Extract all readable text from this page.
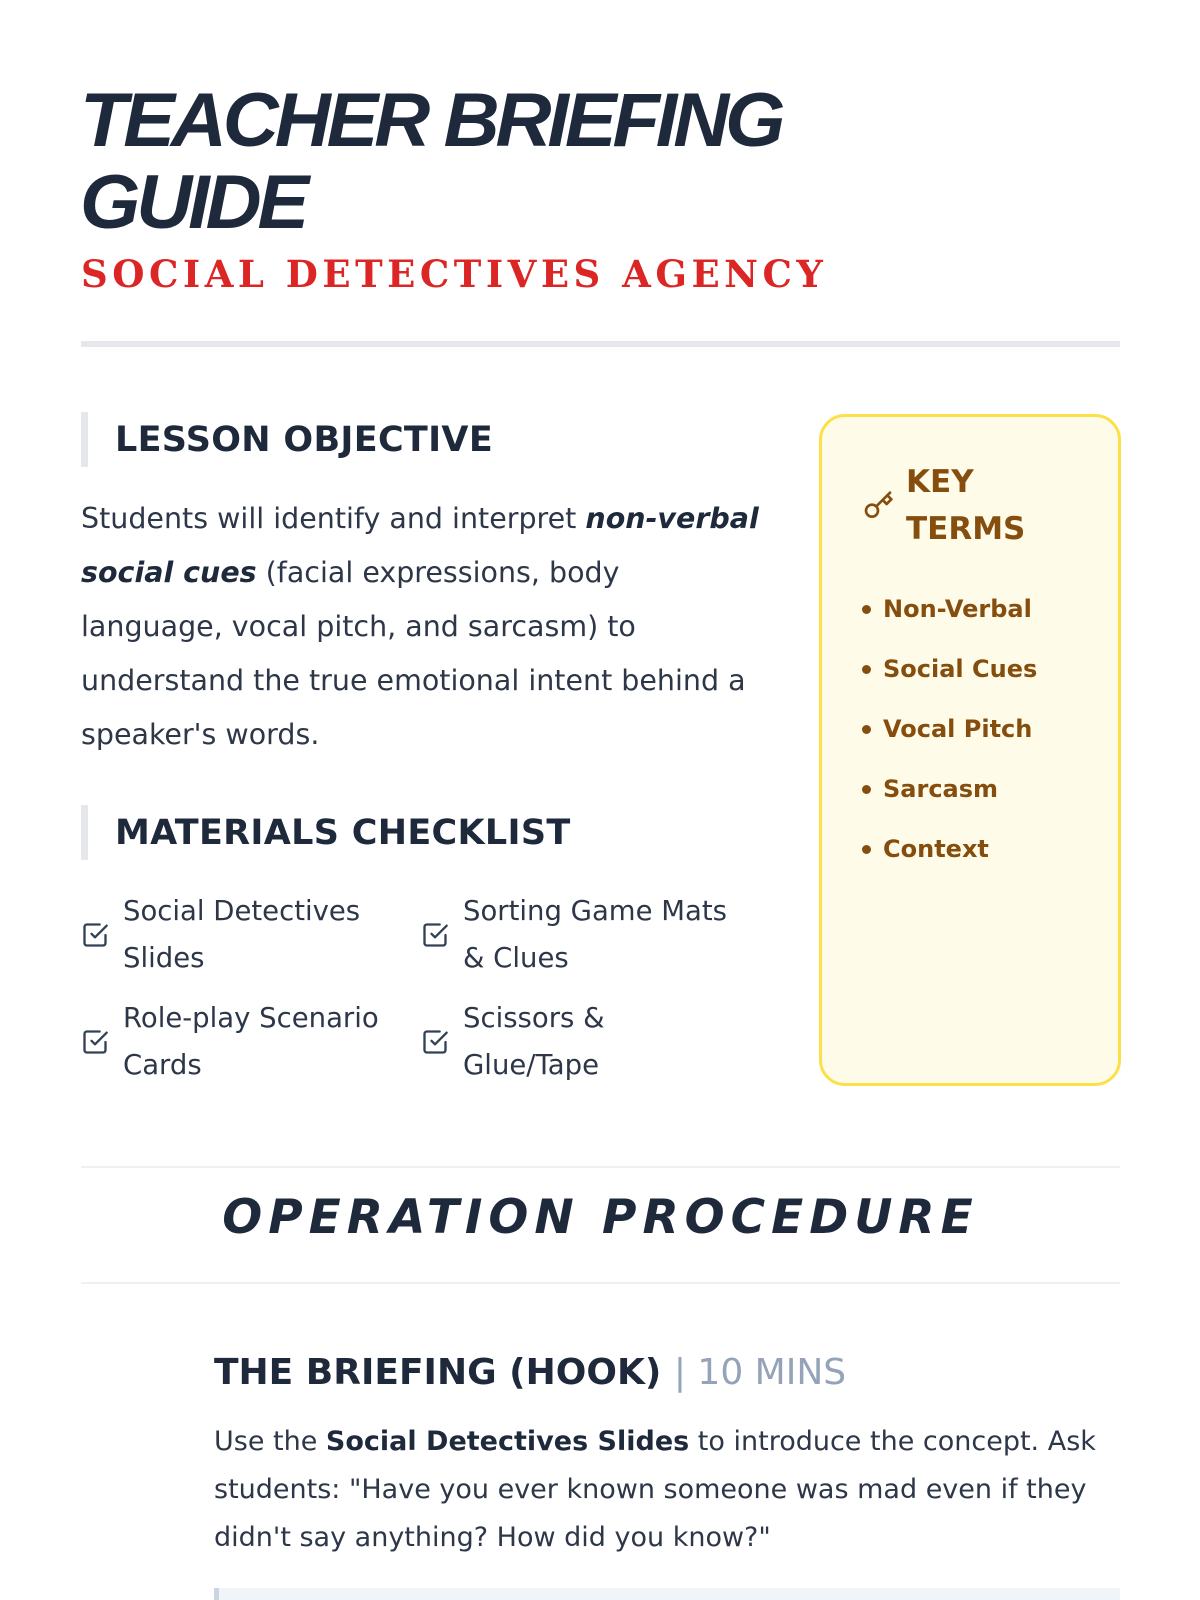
TEACHER BRIEFING
GUIDE
SOCIAL DETECTIVES AGENCY
LESSON OBJECTIVE

Students will identify and interpret non-verbal social cues (facial expressions, body language, vocal pitch, and sarcasm) to understand the true emotional intent behind a speaker's words.

MATERIALS CHECKLIST
Social Detectives Slides
Sorting Game Mats & Clues
Role-play Scenario Cards
Scissors & Glue/Tape
KEY TERMS
Non-Verbal
Social Cues
Vocal Pitch
Sarcasm
Context
OPERATION PROCEDURE
THE BRIEFING (HOOK) | 10 MINS

Use the Social Detectives Slides to introduce the concept. Ask students: "Have you ever known someone was mad even if they didn't say anything? How did you know?"
